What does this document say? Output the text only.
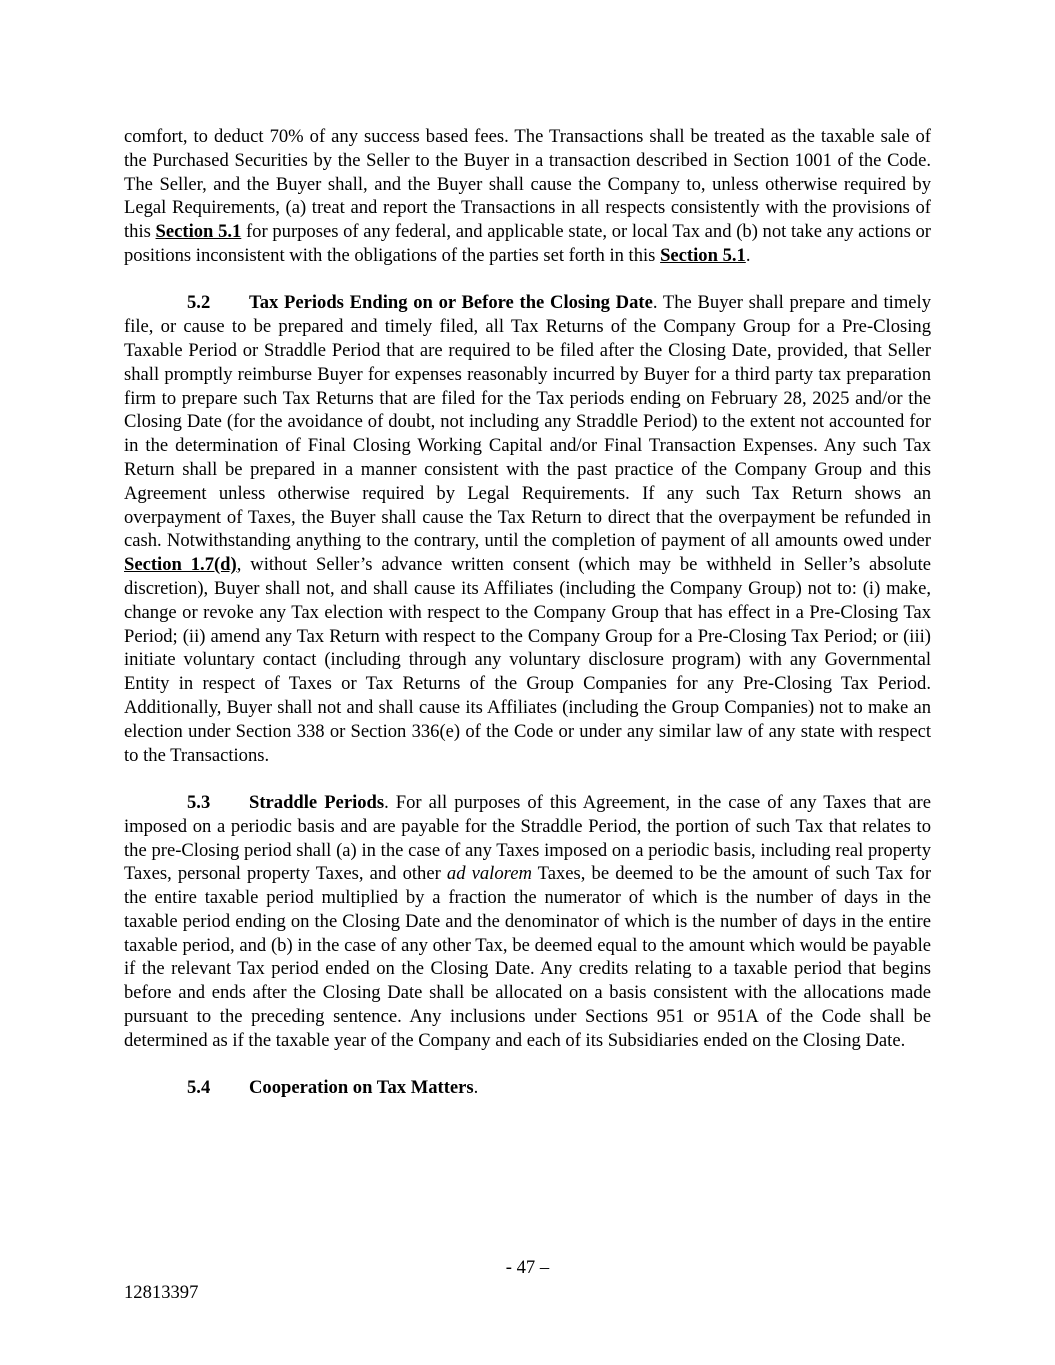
comfort, to deduct 70% of any success based fees. The Transactions shall be treated as the taxable sale of the Purchased Securities by the Seller to the Buyer in a transaction described in Section 1001 of the Code. The Seller, and the Buyer shall, and the Buyer shall cause the Company to, unless otherwise required by Legal Requirements, (a) treat and report the Transactions in all respects consistently with the provisions of this Section 5.1 for purposes of any federal, and applicable state, or local Tax and (b) not take any actions or positions inconsistent with the obligations of the parties set forth in this Section 5.1.

5.2 Tax Periods Ending on or Before the Closing Date. The Buyer shall prepare and timely file, or cause to be prepared and timely filed, all Tax Returns of the Company Group for a Pre-Closing Taxable Period or Straddle Period that are required to be filed after the Closing Date, provided, that Seller shall promptly reimburse Buyer for expenses reasonably incurred by Buyer for a third party tax preparation firm to prepare such Tax Returns that are filed for the Tax periods ending on February 28, 2025 and/or the Closing Date (for the avoidance of doubt, not including any Straddle Period) to the extent not accounted for in the determination of Final Closing Working Capital and/or Final Transaction Expenses. Any such Tax Return shall be prepared in a manner consistent with the past practice of the Company Group and this Agreement unless otherwise required by Legal Requirements. If any such Tax Return shows an overpayment of Taxes, the Buyer shall cause the Tax Return to direct that the overpayment be refunded in cash. Notwithstanding anything to the contrary, until the completion of payment of all amounts owed under Section 1.7(d), without Seller’s advance written consent (which may be withheld in Seller’s absolute discretion), Buyer shall not, and shall cause its Affiliates (including the Company Group) not to: (i) make, change or revoke any Tax election with respect to the Company Group that has effect in a Pre-Closing Tax Period; (ii) amend any Tax Return with respect to the Company Group for a Pre-Closing Tax Period; or (iii) initiate voluntary contact (including through any voluntary disclosure program) with any Governmental Entity in respect of Taxes or Tax Returns of the Group Companies for any Pre-Closing Tax Period. Additionally, Buyer shall not and shall cause its Affiliates (including the Group Companies) not to make an election under Section 338 or Section 336(e) of the Code or under any similar law of any state with respect to the Transactions.

5.3 Straddle Periods. For all purposes of this Agreement, in the case of any Taxes that are imposed on a periodic basis and are payable for the Straddle Period, the portion of such Tax that relates to the pre-Closing period shall (a) in the case of any Taxes imposed on a periodic basis, including real property Taxes, personal property Taxes, and other ad valorem Taxes, be deemed to be the amount of such Tax for the entire taxable period multiplied by a fraction the numerator of which is the number of days in the taxable period ending on the Closing Date and the denominator of which is the number of days in the entire taxable period, and (b) in the case of any other Tax, be deemed equal to the amount which would be payable if the relevant Tax period ended on the Closing Date. Any credits relating to a taxable period that begins before and ends after the Closing Date shall be allocated on a basis consistent with the allocations made pursuant to the preceding sentence. Any inclusions under Sections 951 or 951A of the Code shall be determined as if the taxable year of the Company and each of its Subsidiaries ended on the Closing Date.

5.4 Cooperation on Tax Matters.

- 47 –
12813397
